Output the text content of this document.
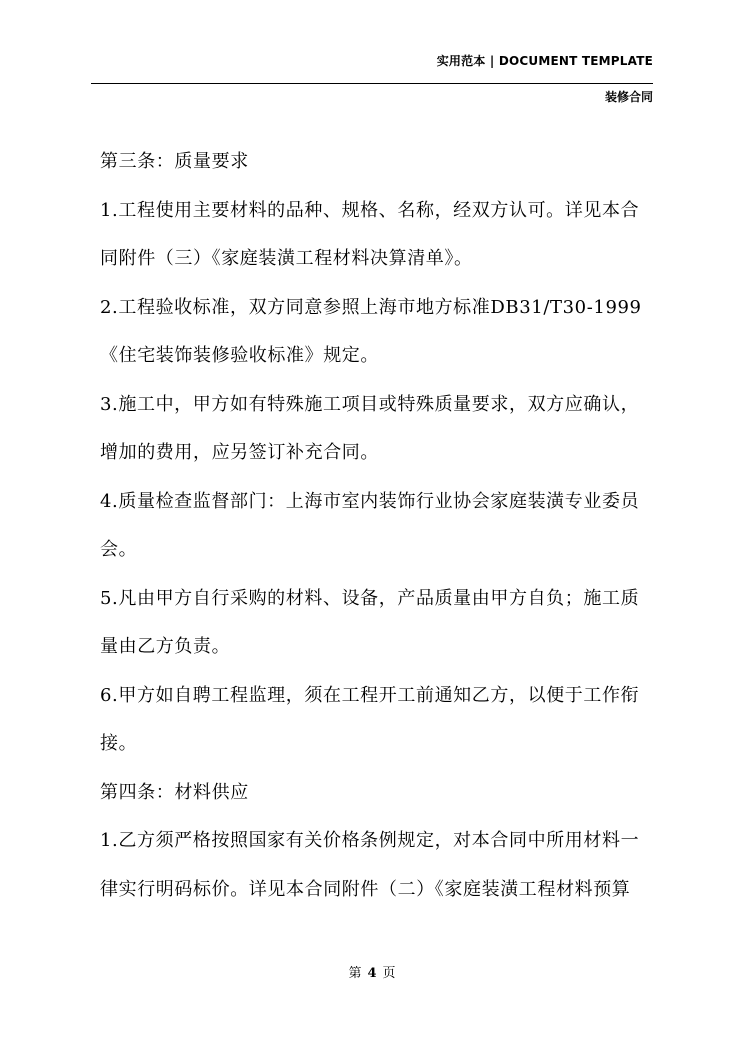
实用范本 | DOCUMENT TEMPLATE
装修合同

第三条：质量要求

1.工程使用主要材料的品种、规格、名称，经双方认可。详见本合同附件（三）《家庭装潢工程材料决算清单》。

2.工程验收标准，双方同意参照上海市地方标准DB31/T30-1999《住宅装饰装修验收标准》规定。

3.施工中，甲方如有特殊施工项目或特殊质量要求，双方应确认，增加的费用，应另签订补充合同。

4.质量检查监督部门：上海市室内装饰行业协会家庭装潢专业委员会。

5.凡由甲方自行采购的材料、设备，产品质量由甲方自负；施工质量由乙方负责。

6.甲方如自聘工程监理，须在工程开工前通知乙方，以便于工作衔接。

第四条：材料供应

1.乙方须严格按照国家有关价格条例规定，对本合同中所用材料一律实行明码标价。详见本合同附件（二）《家庭装潢工程材料预算

第 4 页
